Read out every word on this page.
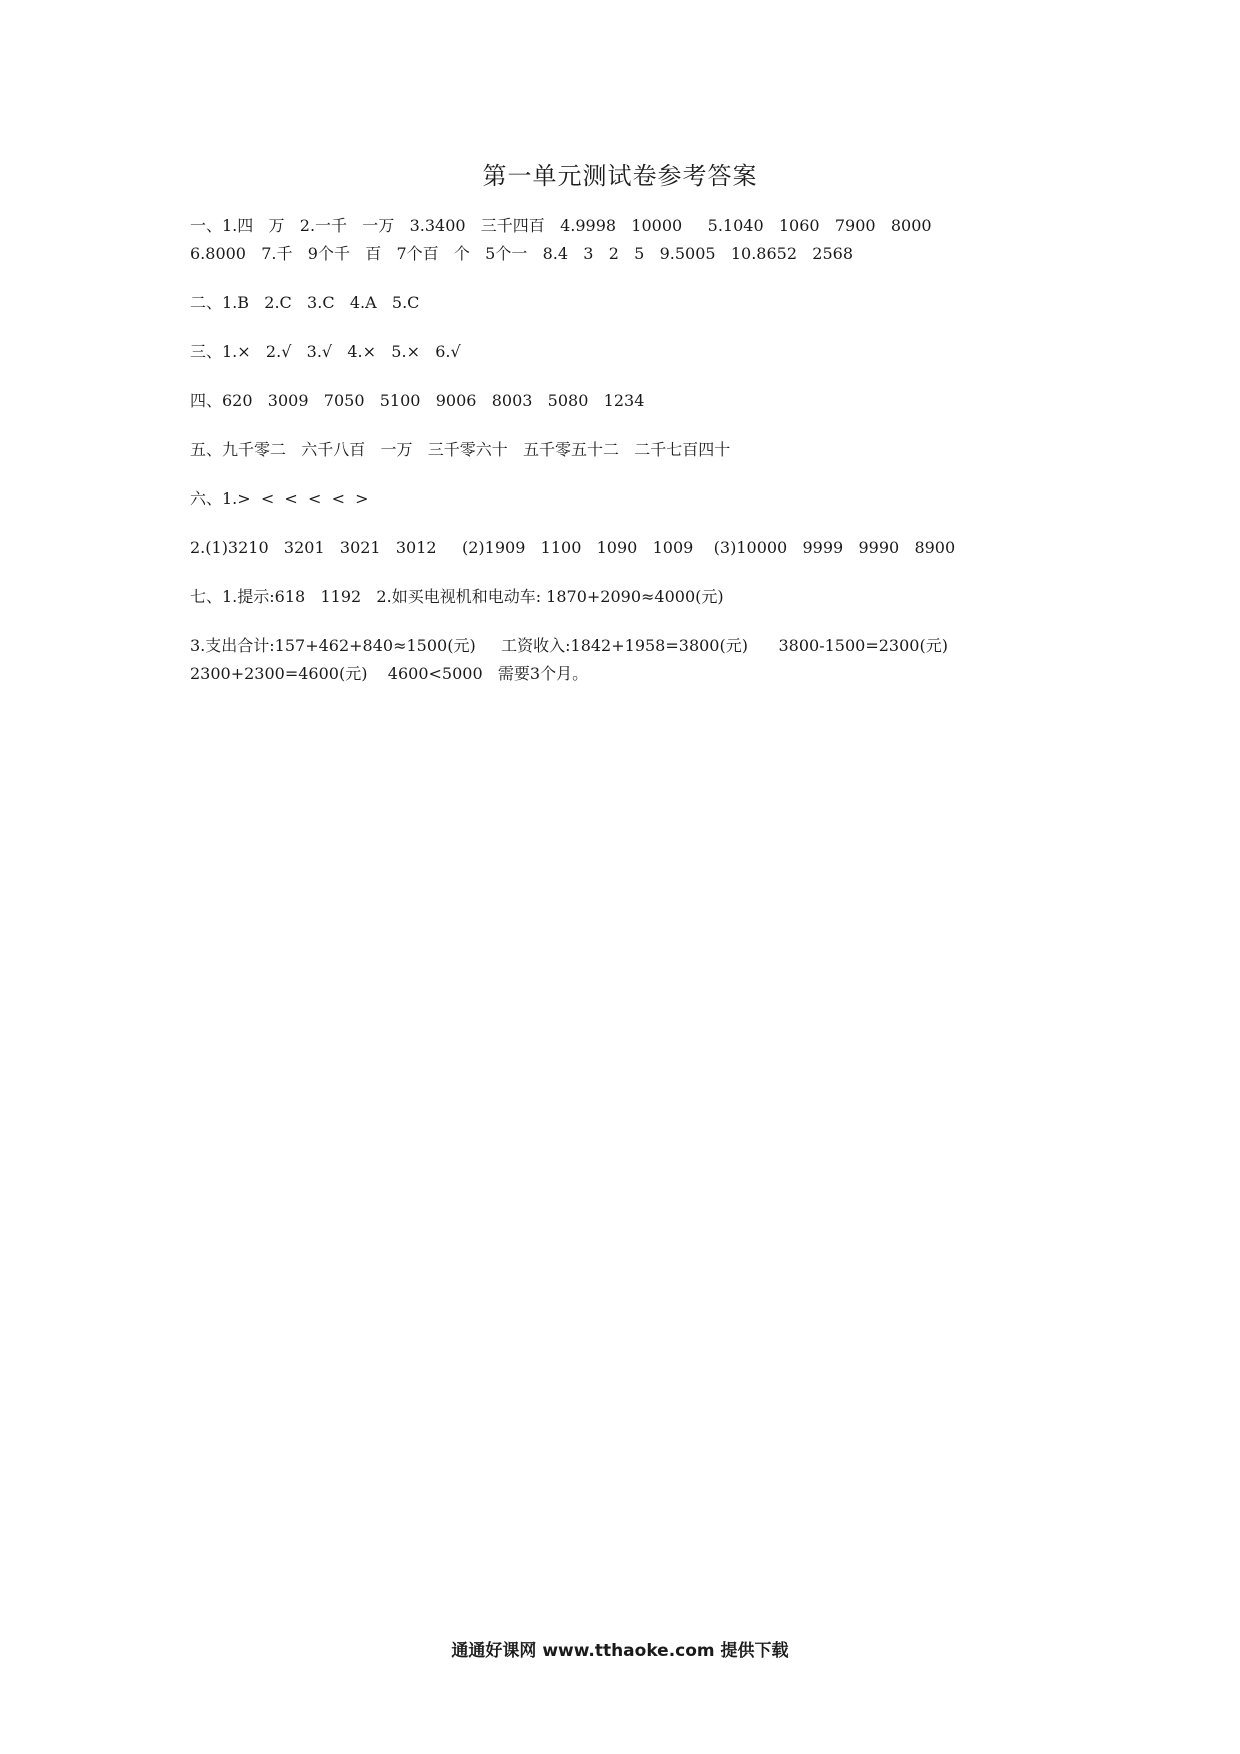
第一单元测试卷参考答案
一、1.四   万   2.一千   一万   3.3400   三千四百   4.9998   10000     5.1040   1060   7900   8000
6.8000   7.千   9个千   百   7个百   个   5个一   8.4   3   2   5   9.5005   10.8652   2568
二、1.B   2.C   3.C   4.A   5.C
三、1.×   2.√   3.√   4.×   5.×   6.√
四、620   3009   7050   5100   9006   8003   5080   1234
五、九千零二   六千八百   一万   三千零六十   五千零五十二   二千七百四十
六、1.>  <  <  <  <  >
2.(1)3210   3201   3021   3012     (2)1909   1100   1090   1009    (3)10000   9999   9990   8900
七、1.提示:618   1192   2.如买电视机和电动车: 1870+2090≈4000(元)
3.支出合计:157+462+840≈1500(元)     工资收入:1842+1958=3800(元)      3800-1500=2300(元)
2300+2300=4600(元)    4600<5000   需要3个月。
通通好课网 www.tthaoke.com 提供下载
